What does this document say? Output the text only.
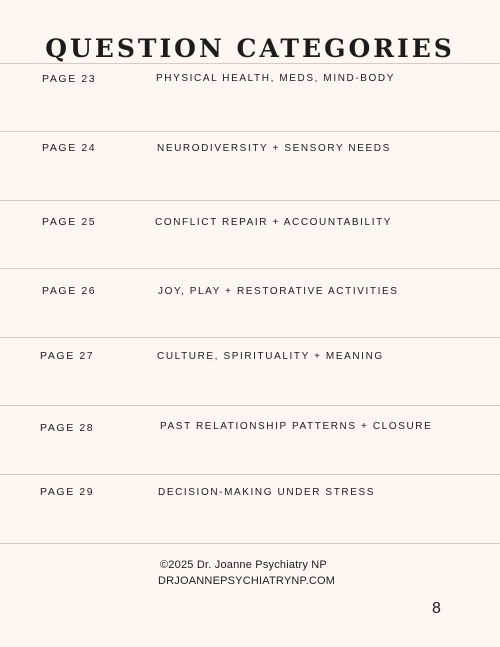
QUESTION CATEGORIES
PAGE 23	PHYSICAL HEALTH, MEDS, MIND-BODY
PAGE 24	NEURODIVERSITY + SENSORY NEEDS
PAGE 25	CONFLICT REPAIR + ACCOUNTABILITY
PAGE 26	JOY, PLAY + RESTORATIVE ACTIVITIES
PAGE 27	CULTURE, SPIRITUALITY + MEANING
PAGE 28	PAST RELATIONSHIP PATTERNS + CLOSURE
PAGE 29	DECISION-MAKING UNDER STRESS
©2025 Dr. Joanne Psychiatry NP
DRJOANNEPSYCHIATRYNP.COM
8
